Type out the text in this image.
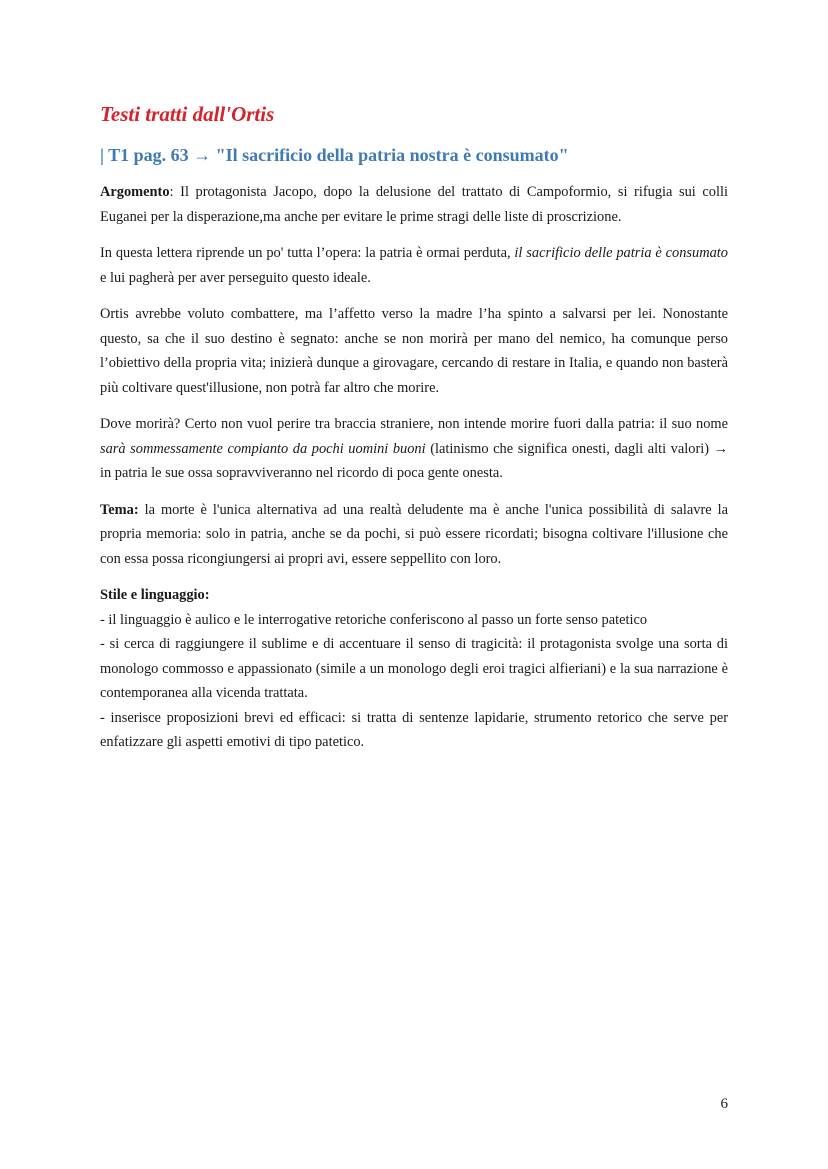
Testi tratti dall'Ortis
| T1 pag. 63 → "Il sacrificio della patria nostra è consumato"

Argomento: Il protagonista Jacopo, dopo la delusione del trattato di Campoformio, si rifugia sui colli Euganei per la disperazione,ma anche per evitare le prime stragi delle liste di proscrizione.

In questa lettera riprende un po' tutta l’opera: la patria è ormai perduta, il sacrificio delle patria è consumato e lui pagherà per aver perseguito questo ideale.

Ortis avrebbe voluto combattere, ma l’affetto verso la madre l’ha spinto a salvarsi per lei. Nonostante questo, sa che il suo destino è segnato: anche se non morirà per mano del nemico, ha comunque perso l’obiettivo della propria vita; inizierà dunque a girovagare, cercando di restare in Italia, e quando non basterà più coltivare quest'illusione, non potrà far altro che morire.

Dove morirà? Certo non vuol perire tra braccia straniere, non intende morire fuori dalla patria: il suo nome sarà sommessamente compianto da pochi uomini buoni (latinismo che significa onesti, dagli alti valori) → in patria le sue ossa sopravviveranno nel ricordo di poca gente onesta.

Tema: la morte è l'unica alternativa ad una realtà deludente ma è anche l'unica possibilità di salavre la propria memoria: solo in patria, anche se da pochi, si può essere ricordati; bisogna coltivare l'illusione che con essa possa ricongiungersi ai propri avi, essere seppellito con loro.

Stile e linguaggio:
- il linguaggio è aulico e le interrogative retoriche conferiscono al passo un forte senso patetico
- si cerca di raggiungere il sublime e di accentuare il senso di tragicità: il protagonista svolge una sorta di monologo commosso e appassionato (simile a un monologo degli eroi tragici alfieriani) e la sua narrazione è contemporanea alla vicenda trattata.
- inserisce proposizioni brevi ed efficaci: si tratta di sentenze lapidarie, strumento retorico che serve per enfatizzare gli aspetti emotivi di tipo patetico.
6
